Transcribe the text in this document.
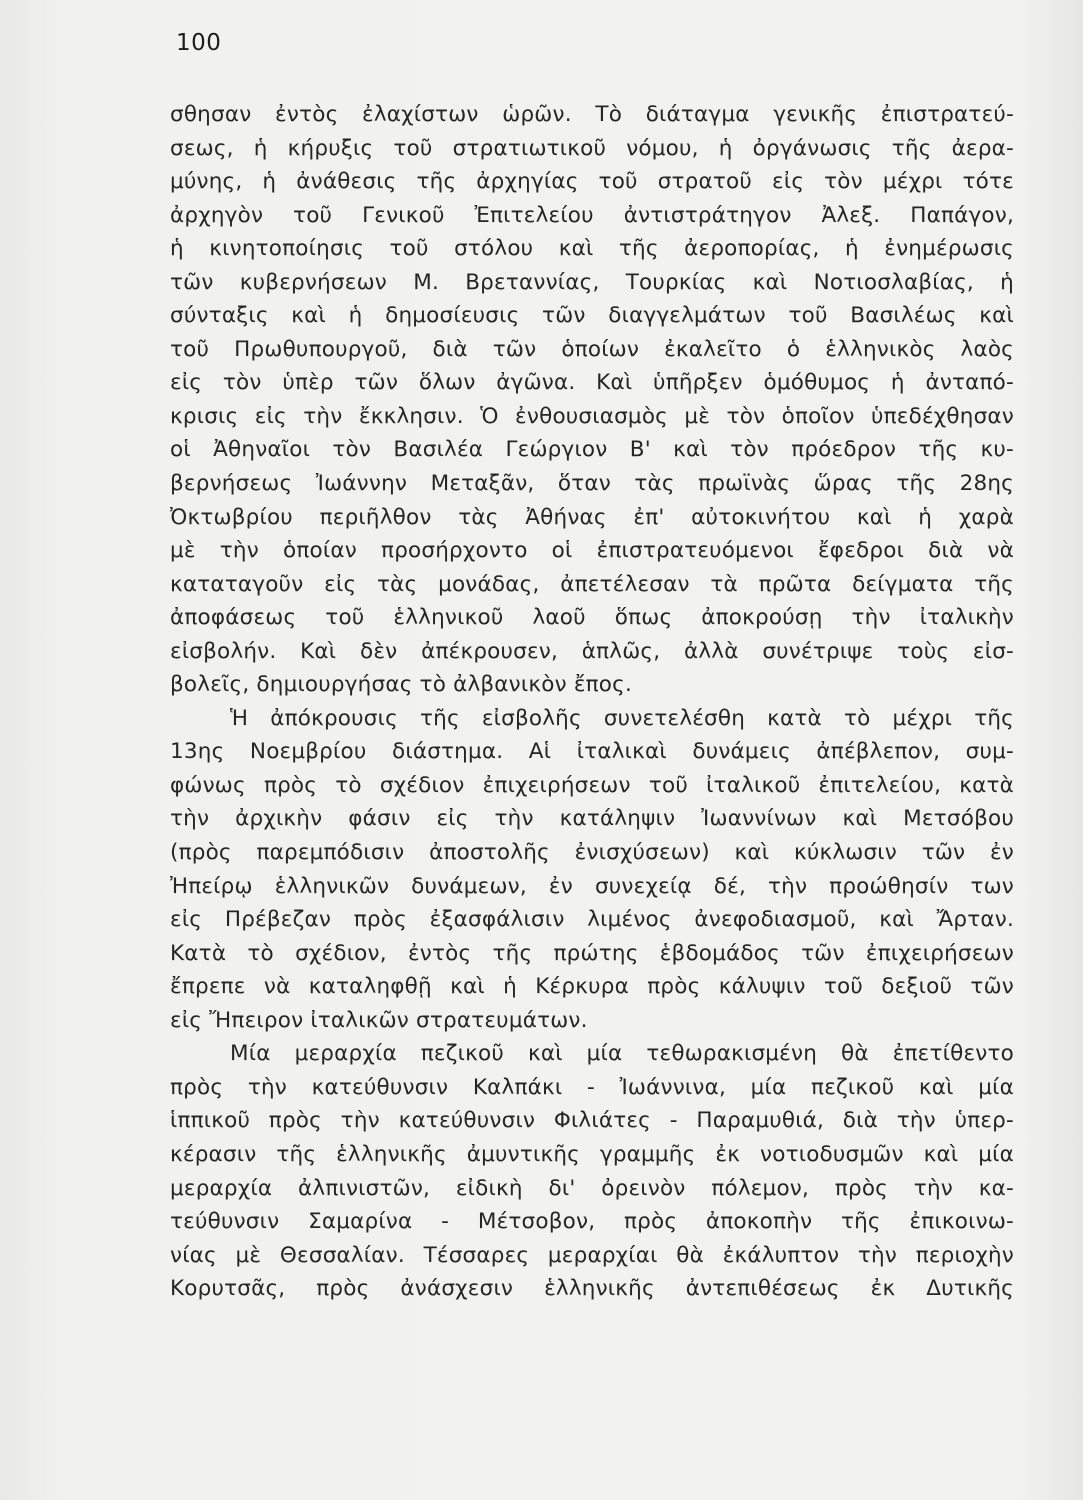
100
σθησαν ἐντὸς ἐλαχίστων ὡρῶν. Τὸ διάταγμα γενικῆς ἐπιστρατεύ-
σεως, ἡ κήρυξις τοῦ στρατιωτικοῦ νόμου, ἡ ὀργάνωσις τῆς ἀερα-
μύνης, ἡ ἀνάθεσις τῆς ἀρχηγίας τοῦ στρατοῦ εἰς τὸν μέχρι τότε
ἀρχηγὸν τοῦ Γενικοῦ Ἐπιτελείου ἀντιστράτηγον Ἀλεξ. Παπάγον,
ἡ κινητοποίησις τοῦ στόλου καὶ τῆς ἀεροπορίας, ἡ ἐνημέρωσις
τῶν κυβερνήσεων Μ. Βρεταννίας, Τουρκίας καὶ Νοτιοσλαβίας, ἡ
σύνταξις καὶ ἡ δημοσίευσις τῶν διαγγελμάτων τοῦ Βασιλέως καὶ
τοῦ Πρωθυπουργοῦ, διὰ τῶν ὁποίων ἐκαλεῖτο ὁ ἑλληνικὸς λαὸς
εἰς τὸν ὑπὲρ τῶν ὅλων ἀγῶνα. Καὶ ὑπῆρξεν ὁμόθυμος ἡ ἀνταπό-
κρισις εἰς τὴν ἔκκλησιν. Ὁ ἐνθουσιασμὸς μὲ τὸν ὁποῖον ὑπεδέχθησαν
οἱ Ἀθηναῖοι τὸν Βασιλέα Γεώργιον Β' καὶ τὸν πρόεδρον τῆς κυ-
βερνήσεως Ἰωάννην Μεταξᾶν, ὅταν τὰς πρωϊνὰς ὥρας τῆς 28ης
Ὀκτωβρίου περιῆλθον τὰς Ἀθήνας ἐπ' αὐτοκινήτου καὶ ἡ χαρὰ
μὲ τὴν ὁποίαν προσήρχοντο οἱ ἐπιστρατευόμενοι ἔφεδροι διὰ νὰ
καταταγοῦν εἰς τὰς μονάδας, ἀπετέλεσαν τὰ πρῶτα δείγματα τῆς
ἀποφάσεως τοῦ ἑλληνικοῦ λαοῦ ὅπως ἀποκρούσῃ τὴν ἰταλικὴν
εἰσβολήν. Καὶ δὲν ἀπέκρουσεν, ἁπλῶς, ἀλλὰ συνέτριψε τοὺς εἰσ-
βολεῖς, δημιουργήσας τὸ ἀλβανικὸν ἔπος.
Ἡ ἀπόκρουσις τῆς εἰσβολῆς συνετελέσθη κατὰ τὸ μέχρι τῆς
13ης Νοεμβρίου διάστημα. Αἱ ἰταλικαὶ δυνάμεις ἀπέβλεπον, συμ-
φώνως πρὸς τὸ σχέδιον ἐπιχειρήσεων τοῦ ἰταλικοῦ ἐπιτελείου, κατὰ
τὴν ἀρχικὴν φάσιν εἰς τὴν κατάληψιν Ἰωαννίνων καὶ Μετσόβου
(πρὸς παρεμπόδισιν ἀποστολῆς ἐνισχύσεων) καὶ κύκλωσιν τῶν ἐν
Ἠπείρῳ ἑλληνικῶν δυνάμεων, ἐν συνεχείᾳ δέ, τὴν προώθησίν των
εἰς Πρέβεζαν πρὸς ἐξασφάλισιν λιμένος ἀνεφοδιασμοῦ, καὶ Ἄρταν.
Κατὰ τὸ σχέδιον, ἐντὸς τῆς πρώτης ἑβδομάδος τῶν ἐπιχειρήσεων
ἔπρεπε νὰ καταληφθῇ καὶ ἡ Κέρκυρα πρὸς κάλυψιν τοῦ δεξιοῦ τῶν
εἰς Ἤπειρον ἰταλικῶν στρατευμάτων.
Μία μεραρχία πεζικοῦ καὶ μία τεθωρακισμένη θὰ ἐπετίθεντο
πρὸς τὴν κατεύθυνσιν Καλπάκι - Ἰωάννινα, μία πεζικοῦ καὶ μία
ἱππικοῦ πρὸς τὴν κατεύθυνσιν Φιλιάτες - Παραμυθιά, διὰ τὴν ὑπερ-
κέρασιν τῆς ἑλληνικῆς ἀμυντικῆς γραμμῆς ἐκ νοτιοδυσμῶν καὶ μία
μεραρχία ἀλπινιστῶν, εἰδικὴ δι' ὀρεινὸν πόλεμον, πρὸς τὴν κα-
τεύθυνσιν Σαμαρίνα - Μέτσοβον, πρὸς ἀποκοπὴν τῆς ἐπικοινω-
νίας μὲ Θεσσαλίαν. Τέσσαρες μεραρχίαι θὰ ἐκάλυπτον τὴν περιοχὴν
Κορυτσᾶς, πρὸς ἀνάσχεσιν ἑλληνικῆς ἀντεπιθέσεως ἐκ Δυτικῆς
